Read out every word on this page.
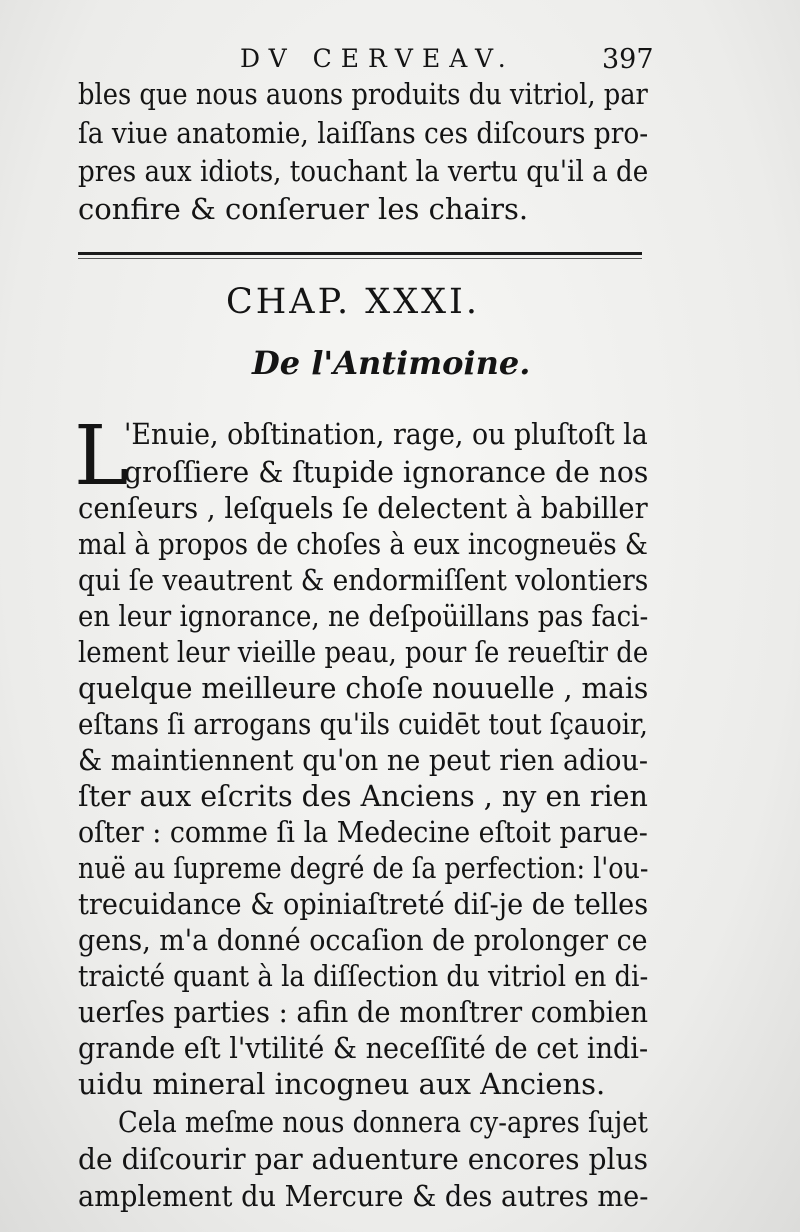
DV CERVEAV.	397
bles que nous auons produits du vitriol, par
ſa viue anatomie, laiſſans ces diſcours pro-
pres aux idiots, touchant la vertu qu'il a de
confire & conſeruer les chairs.
CHAP. XXXI.
De l'Antimoine.
L
'Enuie, obſtination, rage, ou pluſtoſt la
groſſiere & ſtupide ignorance de nos
cenſeurs , leſquels ſe delectent à babiller
mal à propos de choſes à eux incogneuës &
qui ſe veautrent & endormiſſent volontiers
en leur ignorance, ne deſpoüillans pas faci-
lement leur vieille peau, pour ſe reueſtir de
quelque meilleure choſe nouuelle , mais
eſtans ſi arrogans qu'ils cuidēt tout ſçauoir,
& maintiennent qu'on ne peut rien adiou-
ſter aux eſcrits des Anciens , ny en rien
oſter : comme ſi la Medecine eſtoit parue-
nuë au ſupreme degré de ſa perfection: l'ou-
trecuidance & opiniaſtreté diſ-je de telles
gens, m'a donné occaſion de prolonger ce
traicté quant à la diſſection du vitriol en di-
uerſes parties : afin de monſtrer combien
grande eſt l'vtilité & neceſſité de cet indi-
uidu mineral incogneu aux Anciens.
Cela meſme nous donnera cy-apres ſujet
de diſcourir par aduenture encores plus
amplement du Mercure & des autres me-
